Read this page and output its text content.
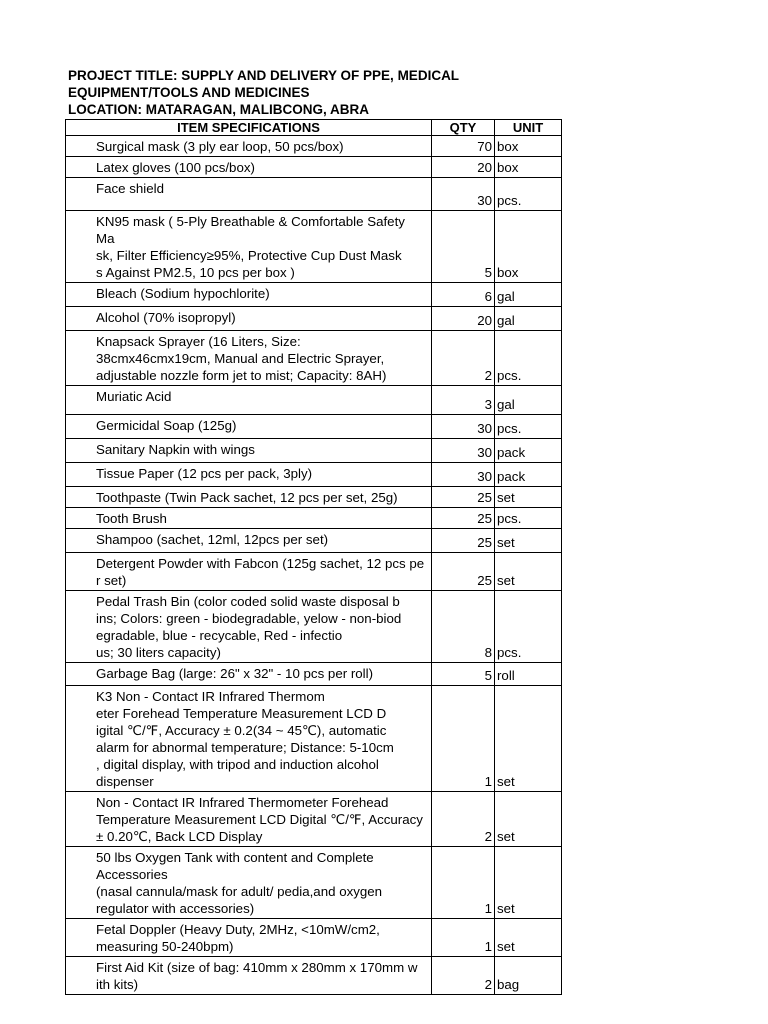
PROJECT TITLE: SUPPLY AND DELIVERY OF PPE, MEDICAL
EQUIPMENT/TOOLS AND MEDICINES
LOCATION: MATARAGAN, MALIBCONG, ABRA
ITEM SPECIFICATIONS	QTY	UNIT

Surgical mask (3 ply ear loop, 50 pcs/box)	70	box

Latex gloves (100 pcs/box)	20	box

Face shield	30	pcs.

KN95 mask ( 5-Ply Breathable & Comfortable Safety Ma
sk, Filter Efficiency≥95%, Protective Cup Dust Mask
s Against PM2.5, 10 pcs per box )	5	box

Bleach (Sodium hypochlorite)	6	gal

Alcohol (70% isopropyl)	20	gal

Knapsack Sprayer (16 Liters, Size:
38cmx46cmx19cm, Manual and Electric Sprayer,
adjustable nozzle form jet to mist; Capacity: 8AH)	2	pcs.

Muriatic Acid	3	gal

Germicidal Soap (125g)	30	pcs.

Sanitary Napkin with wings	30	pack

Tissue Paper (12 pcs per pack, 3ply)	30	pack

Toothpaste (Twin Pack sachet, 12 pcs per set, 25g)	25	set

Tooth Brush	25	pcs.

Shampoo (sachet, 12ml, 12pcs per set)	25	set

Detergent Powder with Fabcon (125g sachet, 12 pcs pe
r set)	25	set

Pedal Trash Bin (color coded solid waste disposal b
ins; Colors: green - biodegradable, yelow - non-biod
egradable, blue - recycable, Red - infectio
us; 30 liters capacity)	8	pcs.

Garbage Bag (large: 26" x 32" - 10 pcs per roll)	5	roll

K3 Non - Contact IR Infrared Thermom
eter Forehead Temperature Measurement LCD D
igital ℃/℉, Accuracy ± 0.2(34 ~ 45℃), automatic
alarm for abnormal temperature; Distance: 5-10cm
, digital display, with tripod and induction alcohol dispenser	1	set

Non - Contact IR Infrared Thermometer Forehead
Temperature Measurement LCD Digital ℃/℉, Accuracy
± 0.20℃, Back LCD Display	2	set

50 lbs Oxygen Tank with content and Complete Accessories
(nasal cannula/mask for adult/ pedia,and oxygen
regulator with accessories)	1	set

Fetal Doppler (Heavy Duty, 2MHz, <10mW/cm2,
measuring 50-240bpm)	1	set

First Aid Kit (size of bag: 410mm x 280mm x 170mm w
ith kits)	2	bag
